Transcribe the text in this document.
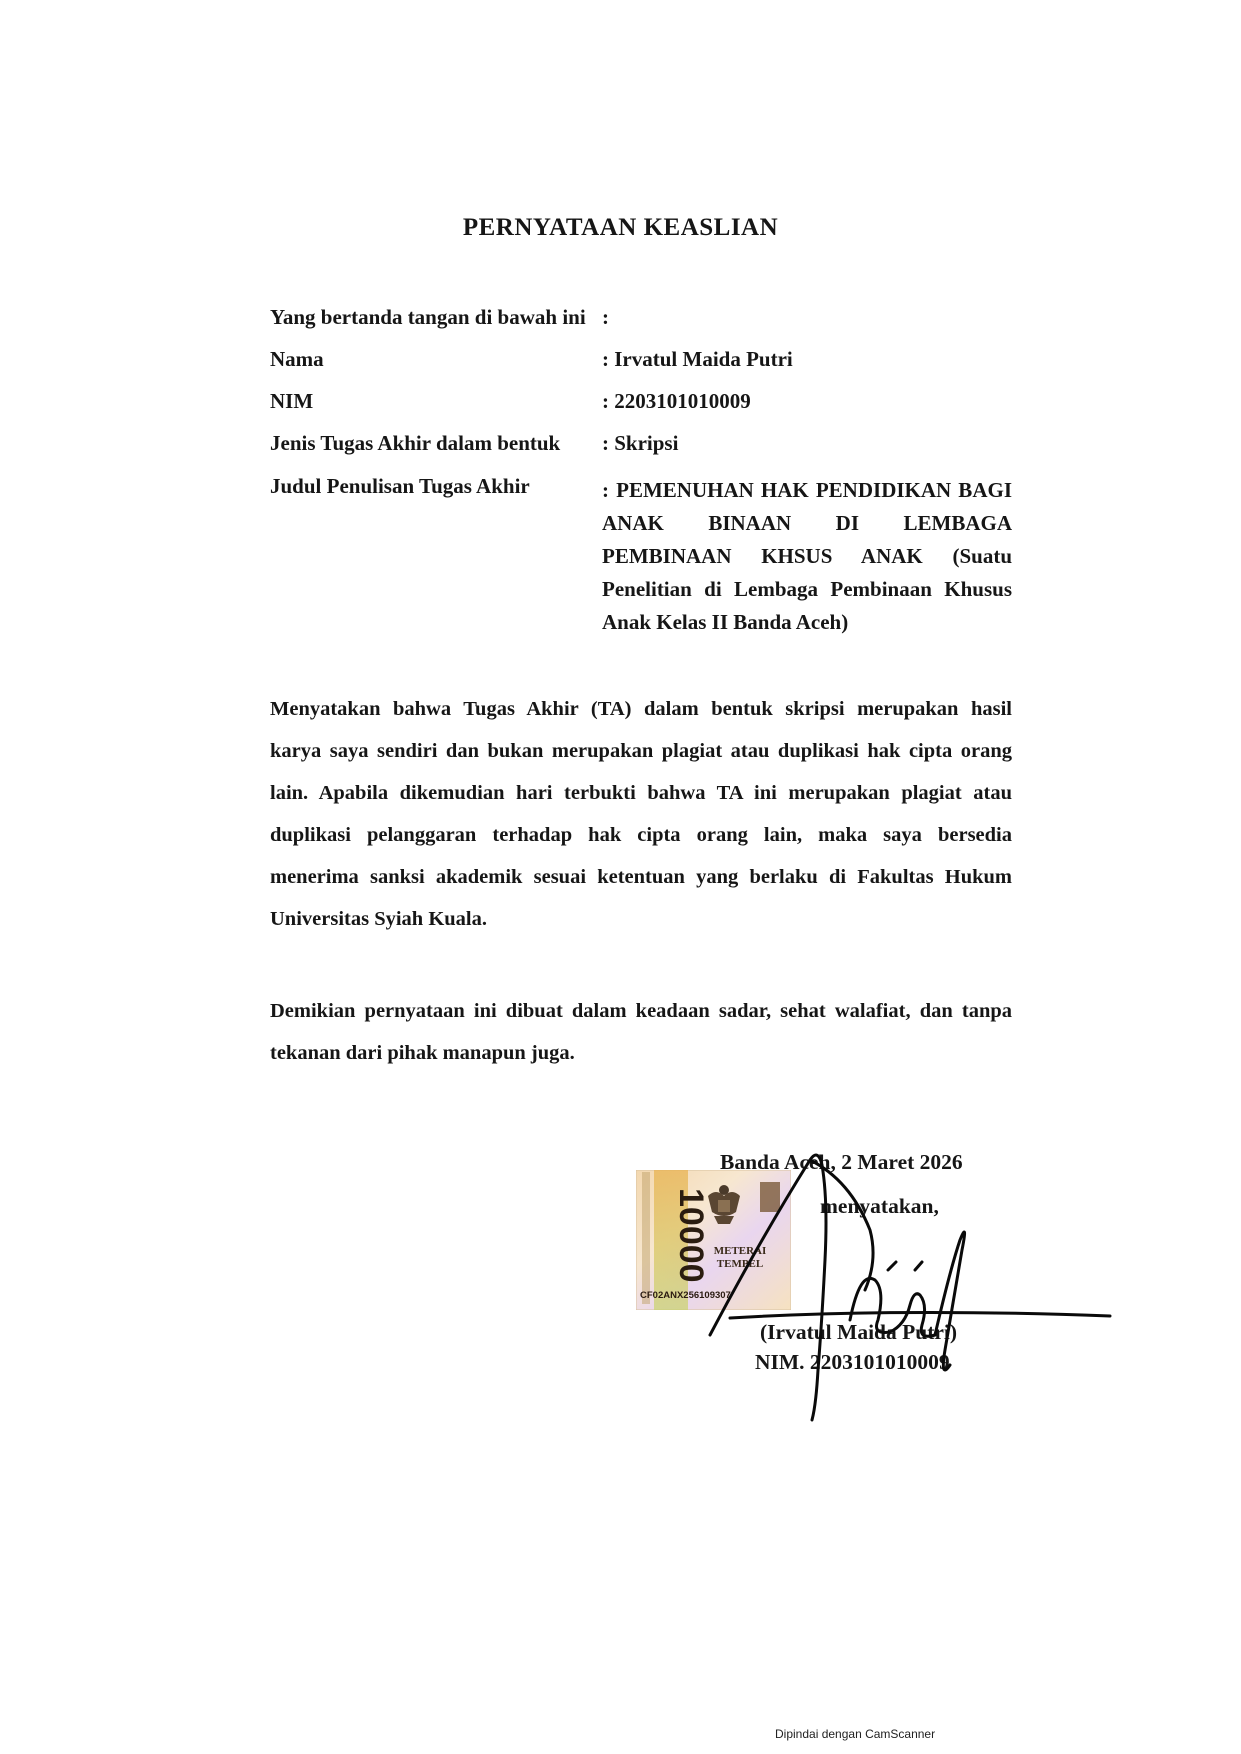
PERNYATAAN KEASLIAN
Yang bertanda tangan di bawah ini :
Nama	: Irvatul Maida Putri
NIM	: 2203101010009
Jenis Tugas Akhir dalam bentuk : Skripsi
Judul Penulisan Tugas Akhir	: PEMENUHAN HAK PENDIDIKAN BAGI
ANAK BINAAN DI LEMBAGA
PEMBINAAN KHSUS ANAK (Suatu
Penelitian di Lembaga Pembinaan Khusus
Anak Kelas II Banda Aceh)
Menyatakan bahwa Tugas Akhir (TA) dalam bentuk skripsi merupakan hasil
karya saya sendiri dan bukan merupakan plagiat atau duplikasi hak cipta orang
lain. Apabila dikemudian hari terbukti bahwa TA ini merupakan plagiat atau
duplikasi pelanggaran terhadap hak cipta orang lain, maka saya bersedia
menerima sanksi akademik sesuai ketentuan yang berlaku di Fakultas Hukum
Universitas Syiah Kuala.
Demikian pernyataan ini dibuat dalam keadaan sadar, sehat walafiat, dan tanpa
tekanan dari pihak manapun juga.
10000 METERAI
TEMPEL
CF02ANX256109307
Banda Aceh, 2 Maret 2026
menyatakan,
(Irvatul Maida Putri)
NIM. 2203101010009
Dipindai dengan CamScanner
